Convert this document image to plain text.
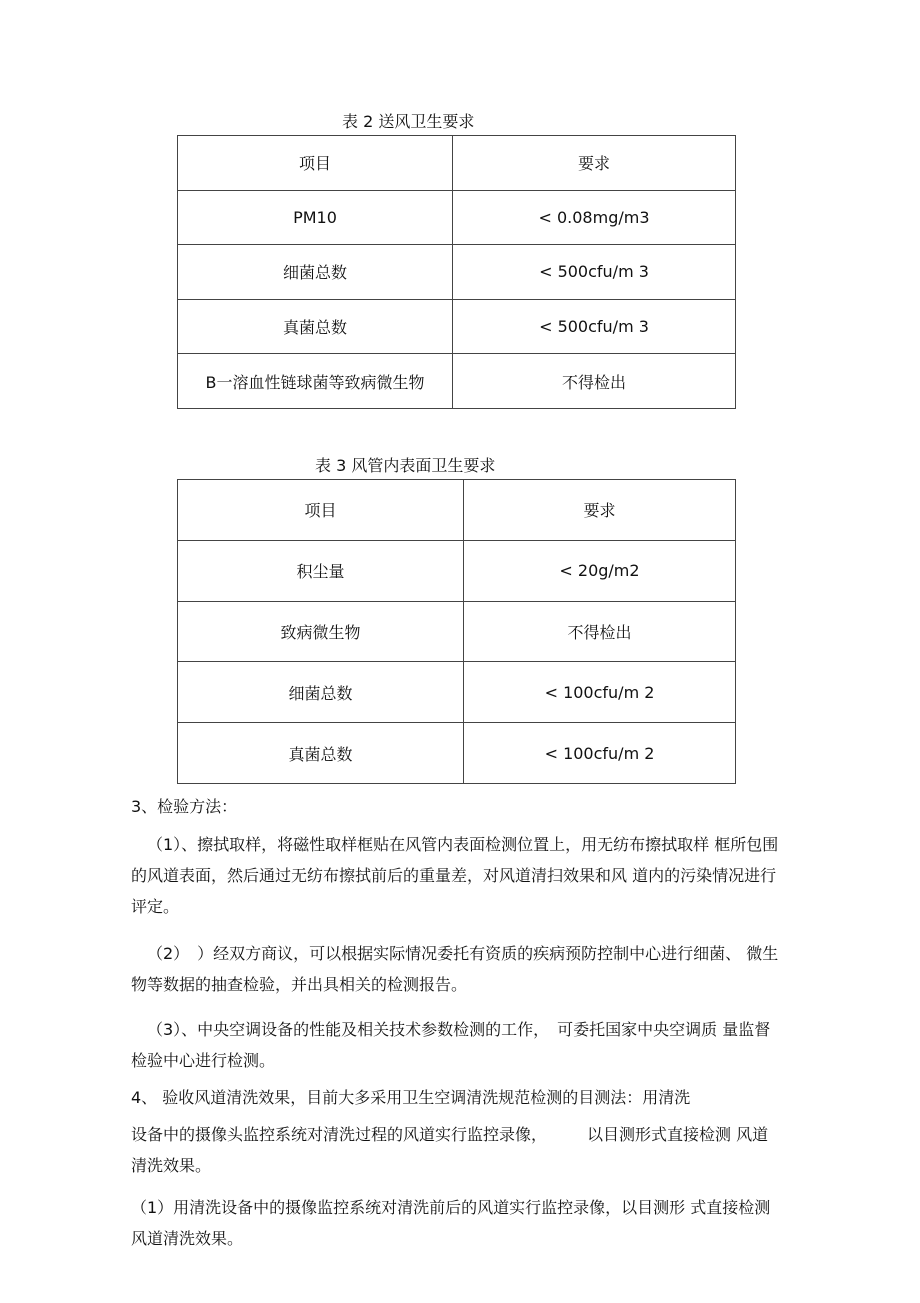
表 2 送风卫生要求
项目	要求
PM10	< 0.08mg/m3
细菌总数	< 500cfu/m 3
真菌总数	< 500cfu/m 3
B一溶血性链球菌等致病微生物	不得检出
表 3 风管内表面卫生要求
项目	要求
积尘量	< 20g/m2
致病微生物	不得检出
细菌总数	< 100cfu/m 2
真菌总数	< 100cfu/m 2
3、检验方法：

（1）、擦拭取样，将磁性取样框贴在风管内表面检测位置上，用无纺布擦拭取样 框所包围的风道表面，然后通过无纺布擦拭前后的重量差，对风道清扫效果和风 道内的污染情况进行评定。

（2）　）经双方商议，可以根据实际情况委托有资质的疾病预防控制中心进行细菌、 微生物等数据的抽查检验，并出具相关的检测报告。

（3）、中央空调设备的性能及相关技术参数检测的工作，　可委托国家中央空调质 量监督检验中心进行检测。

4、 验收风道清洗效果，目前大多采用卫生空调清洗规范检测的目测法：用清洗

设备中的摄像头监控系统对清洗过程的风道实行监控录像，　　　以目测形式直接检测 风道清洗效果。

（1）用清洗设备中的摄像监控系统对清洗前后的风道实行监控录像，以目测形 式直接检测风道清洗效果。
